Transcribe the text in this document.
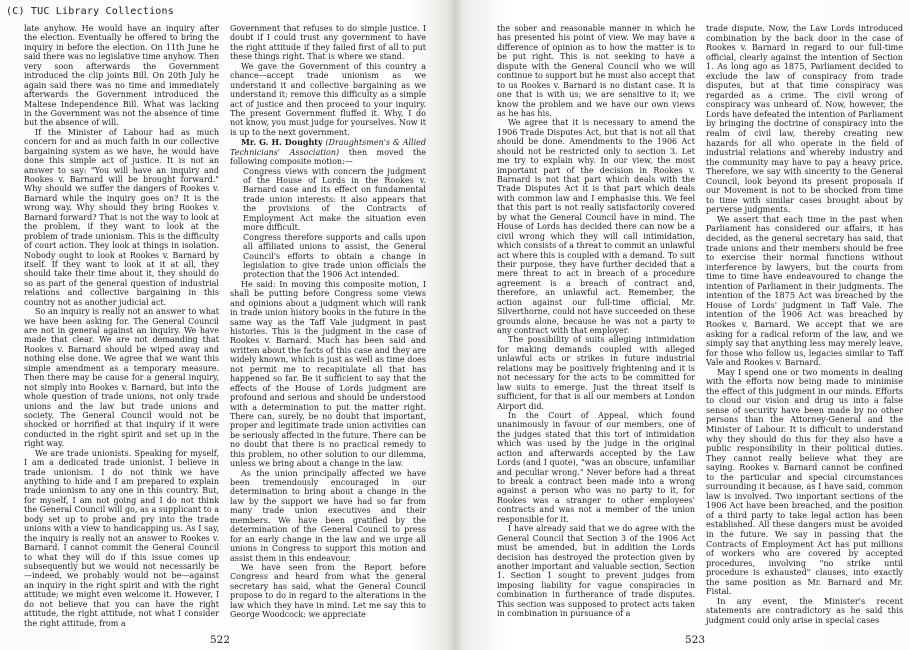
(C) TUC Library Collections

late anyhow. He would have an inquiry after the election. Eventually he offered to bring the inquiry in before the election. On 11th June he said there was no legislative time anyhow. Then very soon afterwards the Government introduced the clip joints Bill. On 20th July he again said there was no time and immediately afterwards the Government introduced the Maltese Independence Bill. What was lacking in the Government was not the absence of time but the absence of will.

If the Minister of Labour had as much concern for and as much faith in our collective bargaining system as we have, he would have done this simple act of justice. It is not an answer to say: "You will have an inquiry and Rookes v. Barnard will be brought forward." Why should we suffer the dangers of Rookes v. Barnard while the inquiry goes on? It is the wrong way. Why should they bring Rookes v. Barnard forward? That is not the way to look at the problem, if they want to look at the problem of trade unionism. This is the difficulty of court action. They look at things in isolation. Nobody ought to look at Rookes v. Barnard by itself. If they want to look at it at all, they should take their time about it, they should do so as part of the general question of industrial relations and collective bargaining in this country not as another judicial act.

So an inquiry is really not an answer to what we have been asking for. The General Council are not in general against an inquiry. We have made that clear. We are not demanding that Rookes v. Barnard should be wiped away and nothing else done. We agree that we want this simple amendment as a temporary measure. Then there may be cause for a general inquiry, not simply into Rookes v. Barnard, but into the whole question of trade unions, not only trade unions and the law but trade unions and society. The General Council would not be shocked or horrified at that inquiry if it were conducted in the right spirit and set up in the right way.

We are trade unionists. Speaking for myself, I am a dedicated trade unionist. I believe in trade unionism. I do not think we have anything to hide and I am prepared to explain trade unionism to any one in this country. But, for myself, I am not going and I do not think the General Council will go, as a supplicant to a body set up to probe and pry into the trade unions with a view to handicapping us. As I say, the inquiry is really not an answer to Rookes v. Barnard. I cannot commit the General Council to what they will do if this issue comes up subsequently but we would not necessarily be—indeed, we probably would not be—against an inquiry in the right spirit and with the right attitude; we might even welcome it. However, I do not believe that you can have the right attitude, the right attitude, not what I consider the right attitude, from a

Government that refuses to do simple justice. I doubt if I could trust any government to have the right attitude if they failed first of all to put these things right. That is where we stand.

We gave the Government of this country a chance—accept trade unionism as we understand it and collective bargaining as we understand it; remove this difficulty as a simple act of justice and then proceed to your inquiry. The present Government fluffed it. Why, I do not know, you must judge for yourselves. Now it is up to the next government.

Mr. G. H. Doughty (Draughtsmen's & Allied Technicians' Association) then moved the following composite motion:—

Congress views with concern the judgment of the House of Lords in the Rookes v. Barnard case and its effect on fundamental trade union interests: it also appears that the provisions of the Contracts of Employment Act make the situation even more difficult.

Congress therefore supports and calls upon all affiliated unions to assist, the General Council's efforts to obtain a change in legislation to give trade union officials the protection that the 1906 Act intended.

He said: In moving this composite motion, I shall be putting before Congress some views and opinions about a judgment which will rank in trade union history books in the future in the same way as the Taff Vale judgment in past histories. This is the judgment in the case of Rookes v. Barnard. Much has been said and written about the facts of this case and they are widely known, which is just as well as time does not permit me to recapitulate all that has happened so far. Be it sufficient to say that the effects of the House of Lords judgment are profound and serious and should be understood with a determination to put the matter right. There can, surely, be no doubt that important, proper and legitimate trade union activities can be seriously affected in the future. There can be no doubt that there is no practical remedy to this problem, no other solution to our dilemma, unless we bring about a change in the law.

As the union principally affected we have been tremendously encouraged in our determination to bring about a change in the law by the support we have had so far from many trade union executives and their members. We have been gratified by the determination of the General Council to press for an early change in the law and we urge all unions in Congress to support this motion and assist them in this endeavour.

We have seen from the Report before Congress and heard from what the general secretary has said, what the General Council propose to do in regard to the alterations in the law which they have in mind. Let me say this to George Woodcock: we appreciate

the sober and reasonable manner in which he has presented his point of view. We may have a difference of opinion as to how the matter is to be put right. This is not seeking to have a dispute with the General Council who we will continue to support but he must also accept that to us Rookes v. Barnard is no distant case. It is one that is with us; we are sensitive to it; we know the problem and we have our own views as he has his.

We agree that it is necessary to amend the 1906 Trade Disputes Act, but that is not all that should be done. Amendments to the 1906 Act should not be restricted only to section 3. Let me try to explain why. In our view, the most important part of the decision in Rookes v. Barnard is not that part which deals with the Trade Disputes Act it is that part which deals with common law and I emphasise this. We feel that this part is not really satisfactorily covered by what the General Council have in mind. The House of Lords has decided there can now be a civil wrong which they will call intimidation, which consists of a threat to commit an unlawful act where this is coupled with a demand. To suit their purpose, they have further decided that a mere threat to act in breach of a procedure agreement is a breach of contract and, therefore, an unlawful act. Remember, the action against our full-time official, Mr. Silverthorne, could not have succeeded on these grounds alone, because he was not a party to any contract with that employer.

The possibility of suits alleging intimidation for making demands coupled with alleged unlawful acts or strikes in future industrial relations may be positively frightening and it is not necessary for the acts to be committed for law suits to emerge. Just the threat itself is sufficient, for that is all our members at London Airport did.

In the Court of Appeal, which found unanimously in favour of our members, one of the judges stated that this tort of intimidation which was used by the judge in the original action and afterwards accepted by the Law Lords (and I quote), "was an obscure, unfamiliar and peculiar wrong." Never before had a threat to break a contract been made into a wrong against a person who was no party to it, for Rookes was a stranger to other employees' contracts and was not a member of the union responsible for it.

I have already said that we do agree with the General Council that Section 3 of the 1906 Act must be amended, but in addition the Lords decision has destroyed the protection given by another important and valuable section, Section 1. Section 1 sought to prevent judges from imposing liability for vague conspiracies in combination in furtherance of trade disputes. This section was supposed to protect acts taken in combination in pursuance of a

trade dispute. Now, the Law Lords introduced combination by the back door in the case of Rookes v. Barnard in regard to our full-time official, clearly against the intention of Section 1. As long ago as 1875, Parliament decided to exclude the law of conspiracy from trade disputes, but at that time conspiracy was regarded as a crime. The civil wrong of conspiracy was unheard of. Now, however, the Lords have defeated the intention of Parliament by bringing the doctrine of conspiracy into the realm of civil law, thereby creating new hazards for all who operate in the field of industrial relations and whereby industry and the community may have to pay a heavy price. Therefore, we say with sincerity to the General Council, look beyond its present proposals if our Movement is not to be shocked from time to time with similar cases brought about by perverse judgments.

We assert that each time in the past when Parliament has considered our affairs, it has decided, as the general secretary has said, that trade unions and their members should be free to exercise their normal functions without interference by lawyers, but the courts from time to time have endeavoured to change the intention of Parliament in their judgments. The intention of the 1875 Act was breached by the House of Lords' judgment in Taff Vale. The intention of the 1906 Act was breached by Rookes v. Barnard. We accept that we are asking for a radical reform of the law, and we simply say that anything less may merely leave, for those who follow us, legacies similar to Taff Vale and Rookes v. Barnard.

May I spend one or two moments in dealing with the efforts now being made to minimise the effect of this judgment in our minds. Efforts to cloud our vision and drug us into a false sense of security have been made by no other persons than the Attorney-General and the Minister of Labour. It is difficult to understand why they should do this for they also have a public responsibility in their political duties. They cannot really believe what they are saying. Rookes v. Barnard cannot be confined to the particular and special circumstances surrounding it because, as I have said, common law is involved. Two important sections of the 1906 Act have been breached, and the position of a third party to take legal action has been established. All these dangers must be avoided in the future. We say in passing that the Contracts of Employment Act has put millions of workers who are covered by accepted procedures, involving "no strike until procedure is exhausted" clauses, into exactly the same position as Mr. Barnard and Mr. Fistal.

In any event, the Minister's recent statements are contradictory as he said this judgment could only arise in special cases

522	523
